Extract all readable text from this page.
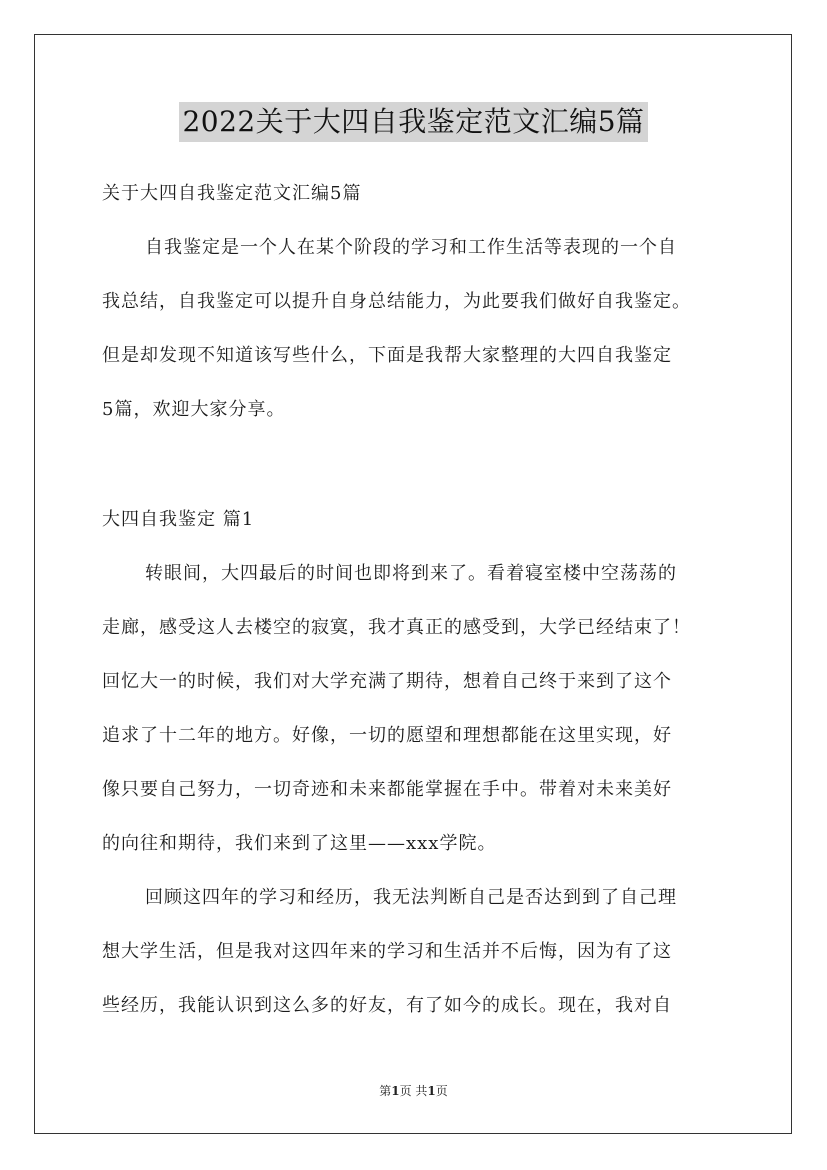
2022关于大四自我鉴定范文汇编5篇
关于大四自我鉴定范文汇编5篇
自我鉴定是一个人在某个阶段的学习和工作生活等表现的一个自
我总结，自我鉴定可以提升自身总结能力，为此要我们做好自我鉴定。
但是却发现不知道该写些什么，下面是我帮大家整理的大四自我鉴定
5篇，欢迎大家分享。
大四自我鉴定 篇1
转眼间，大四最后的时间也即将到来了。看着寝室楼中空荡荡的
走廊，感受这人去楼空的寂寞，我才真正的感受到，大学已经结束了！
回忆大一的时候，我们对大学充满了期待，想着自己终于来到了这个
追求了十二年的地方。好像，一切的愿望和理想都能在这里实现，好
像只要自己努力，一切奇迹和未来都能掌握在手中。带着对未来美好
的向往和期待，我们来到了这里——xxx学院。
回顾这四年的学习和经历，我无法判断自己是否达到到了自己理
想大学生活，但是我对这四年来的学习和生活并不后悔，因为有了这
些经历，我能认识到这么多的好友，有了如今的成长。现在，我对自
第1页 共1页
